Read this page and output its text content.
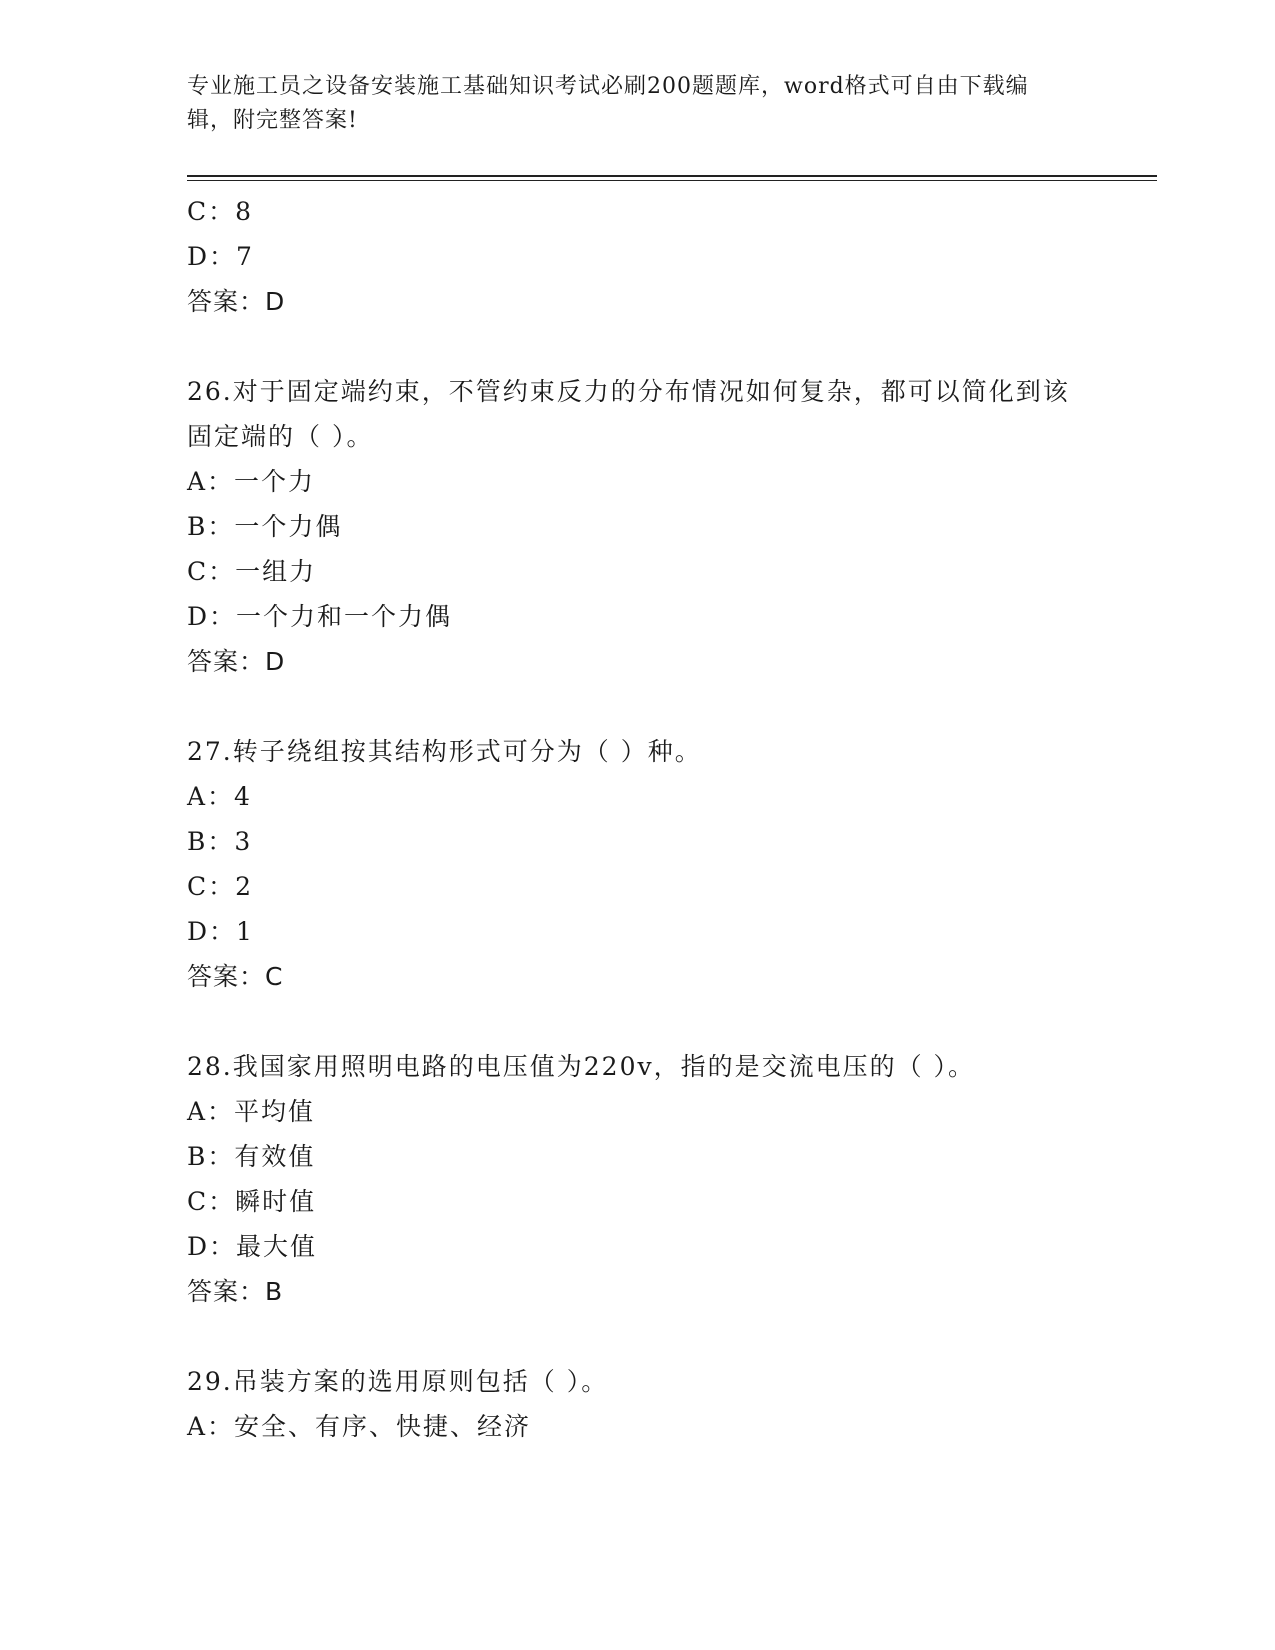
专业施工员之设备安装施工基础知识考试必刷200题题库，word格式可自由下载编辑，附完整答案!
C：8
D：7
答案：D
26.对于固定端约束，不管约束反力的分布情况如何复杂，都可以简化到该固定端的（ ）。
A：一个力
B：一个力偶
C：一组力
D：一个力和一个力偶
答案：D
27.转子绕组按其结构形式可分为（ ）种。
A：4
B：3
C：2
D：1
答案：C
28.我国家用照明电路的电压值为220v，指的是交流电压的（ ）。
A：平均值
B：有效值
C：瞬时值
D：最大值
答案：B
29.吊装方案的选用原则包括（ ）。
A：安全、有序、快捷、经济
